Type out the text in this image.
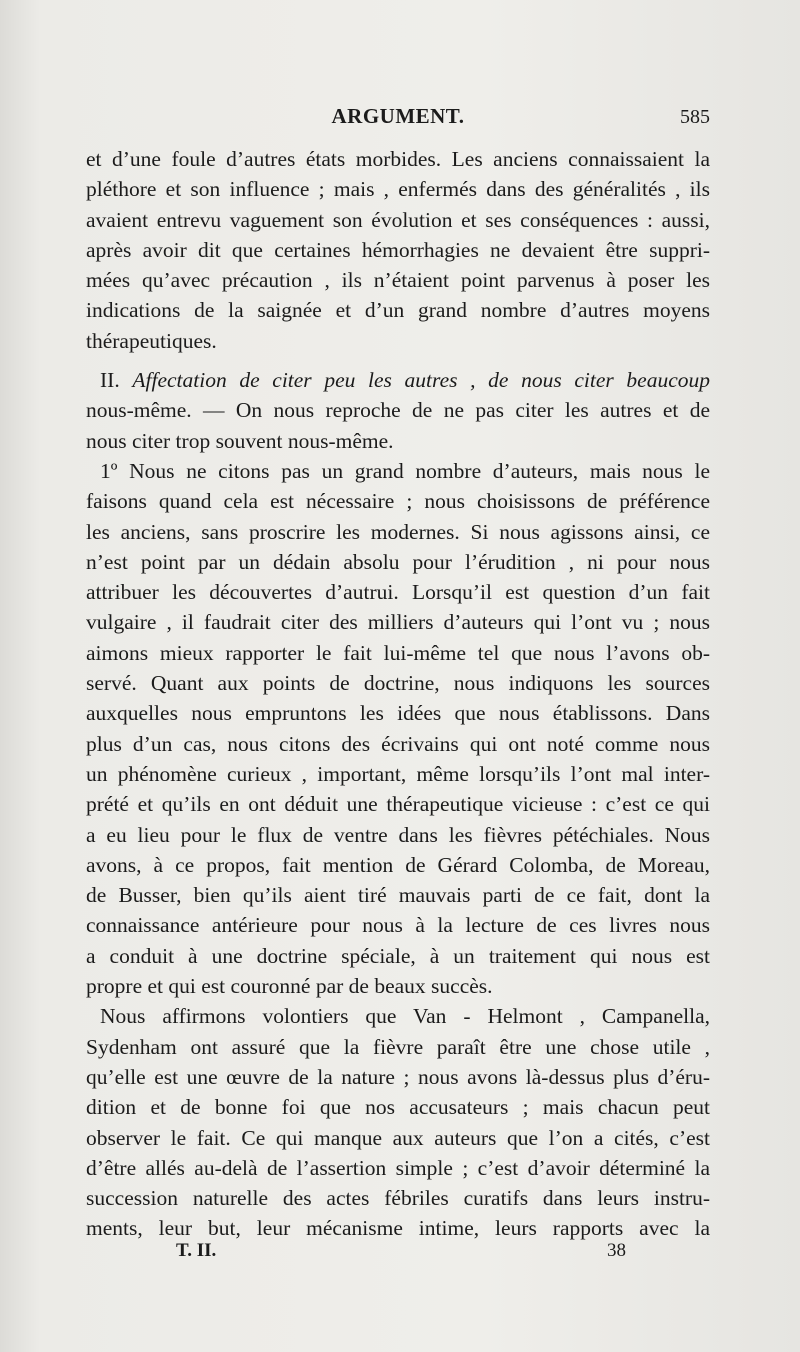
ARGUMENT.	585
et d’une foule d’autres états morbides. Les anciens connaissaient la
pléthore et son influence ; mais , enfermés dans des généralités , ils
avaient entrevu vaguement son évolution et ses conséquences : aussi,
après avoir dit que certaines hémorrhagies ne devaient être suppri-
mées qu’avec précaution , ils n’étaient point parvenus à poser les
indications de la saignée et d’un grand nombre d’autres moyens
thérapeutiques.
II. Affectation de citer peu les autres , de nous citer beaucoup
nous-même. — On nous reproche de ne pas citer les autres et de
nous citer trop souvent nous-même.
1º Nous ne citons pas un grand nombre d’auteurs, mais nous le
faisons quand cela est nécessaire ; nous choisissons de préférence
les anciens, sans proscrire les modernes. Si nous agissons ainsi, ce
n’est point par un dédain absolu pour l’érudition , ni pour nous
attribuer les découvertes d’autrui. Lorsqu’il est question d’un fait
vulgaire , il faudrait citer des milliers d’auteurs qui l’ont vu ; nous
aimons mieux rapporter le fait lui-même tel que nous l’avons ob-
servé. Quant aux points de doctrine, nous indiquons les sources
auxquelles nous empruntons les idées que nous établissons. Dans
plus d’un cas, nous citons des écrivains qui ont noté comme nous
un phénomène curieux , important, même lorsqu’ils l’ont mal inter-
prété et qu’ils en ont déduit une thérapeutique vicieuse : c’est ce qui
a eu lieu pour le flux de ventre dans les fièvres pétéchiales. Nous
avons, à ce propos, fait mention de Gérard Colomba, de Moreau,
de Busser, bien qu’ils aient tiré mauvais parti de ce fait, dont la
connaissance antérieure pour nous à la lecture de ces livres nous
a conduit à une doctrine spéciale, à un traitement qui nous est
propre et qui est couronné par de beaux succès.
Nous affirmons volontiers que Van - Helmont , Campanella,
Sydenham ont assuré que la fièvre paraît être une chose utile ,
qu’elle est une œuvre de la nature ; nous avons là-dessus plus d’éru-
dition et de bonne foi que nos accusateurs ; mais chacun peut
observer le fait. Ce qui manque aux auteurs que l’on a cités, c’est
d’être allés au-delà de l’assertion simple ; c’est d’avoir déterminé la
succession naturelle des actes fébriles curatifs dans leurs instru-
ments, leur but, leur mécanisme intime, leurs rapports avec la
T. II.	38
